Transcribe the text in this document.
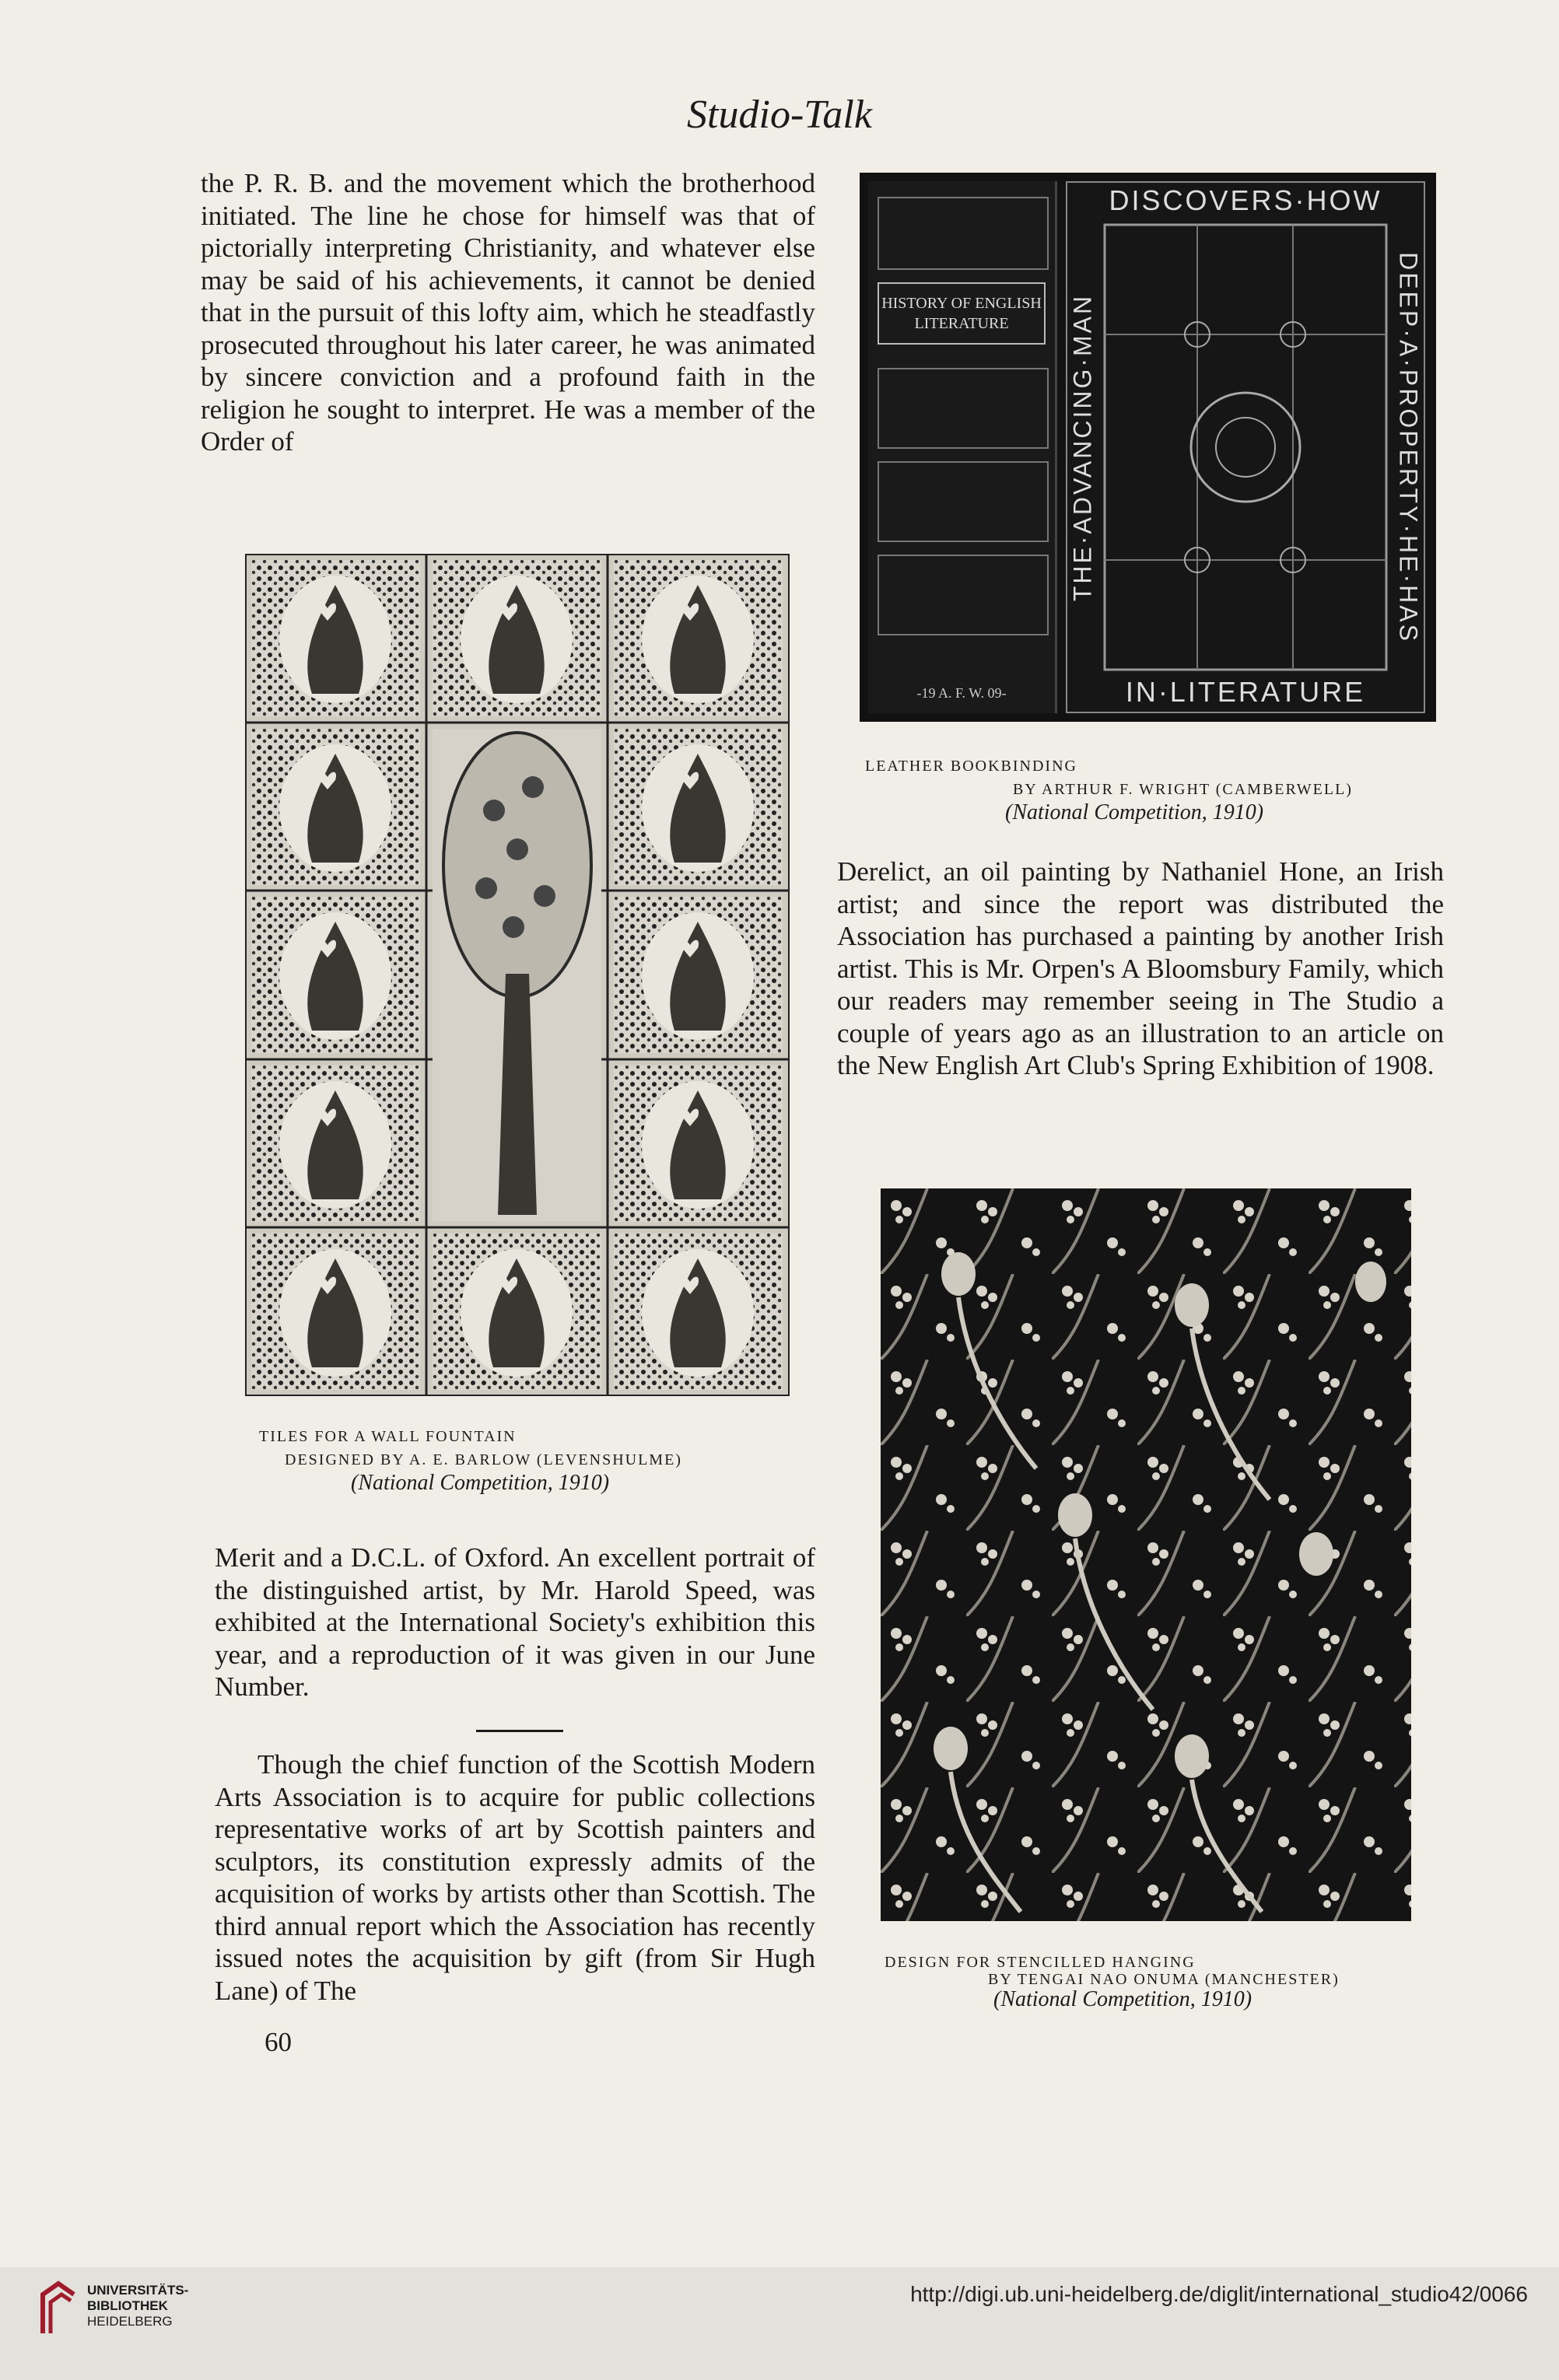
Studio-Talk

the P. R. B. and the movement which the brotherhood initiated. The line he chose for himself was that of pictorially interpreting Christianity, and whatever else may be said of his achievements, it cannot be denied that in the pursuit of this lofty aim, which he steadfastly prosecuted throughout his later career, he was animated by sincere conviction and a profound faith in the religion he sought to interpret. He was a member of the Order of

TILES FOR A WALL FOUNTAIN
DESIGNED BY A. E. BARLOW (LEVENSHULME)
(National Competition, 1910)

Merit and a D.C.L. of Oxford. An excellent portrait of the distinguished artist, by Mr. Harold Speed, was exhibited at the International Society's exhibition this year, and a reproduction of it was given in our June Number.

Though the chief function of the Scottish Modern Arts Association is to acquire for public collections representative works of art by Scottish painters and sculptors, its constitution expressly admits of the acquisition of works by artists other than Scottish. The third annual report which the Association has recently issued notes the acquisition by gift (from Sir Hugh Lane) of The

60
HISTORY OF ENGLISH LITERATURE
-19 A. F. W. 09-
DISCOVERS·HOW
IN·LITERATURE
THE·ADVANCING·MAN	DEEP·A·PROPERTY·HE·HAS
LEATHER BOOKBINDING
BY ARTHUR F. WRIGHT (CAMBERWELL)
(National Competition, 1910)

Derelict, an oil painting by Nathaniel Hone, an Irish artist; and since the report was distributed the Association has purchased a painting by another Irish artist. This is Mr. Orpen's A Bloomsbury Family, which our readers may remember seeing in The Studio a couple of years ago as an illustration to an article on the New English Art Club's Spring Exhibition of 1908.

DESIGN FOR STENCILLED HANGING
BY TENGAI NAO ONUMA (MANCHESTER)
(National Competition, 1910)
UNIVERSITÄTS-
BIBLIOTHEK
HEIDELBERG
http://digi.ub.uni-heidelberg.de/diglit/international_studio42/0066
